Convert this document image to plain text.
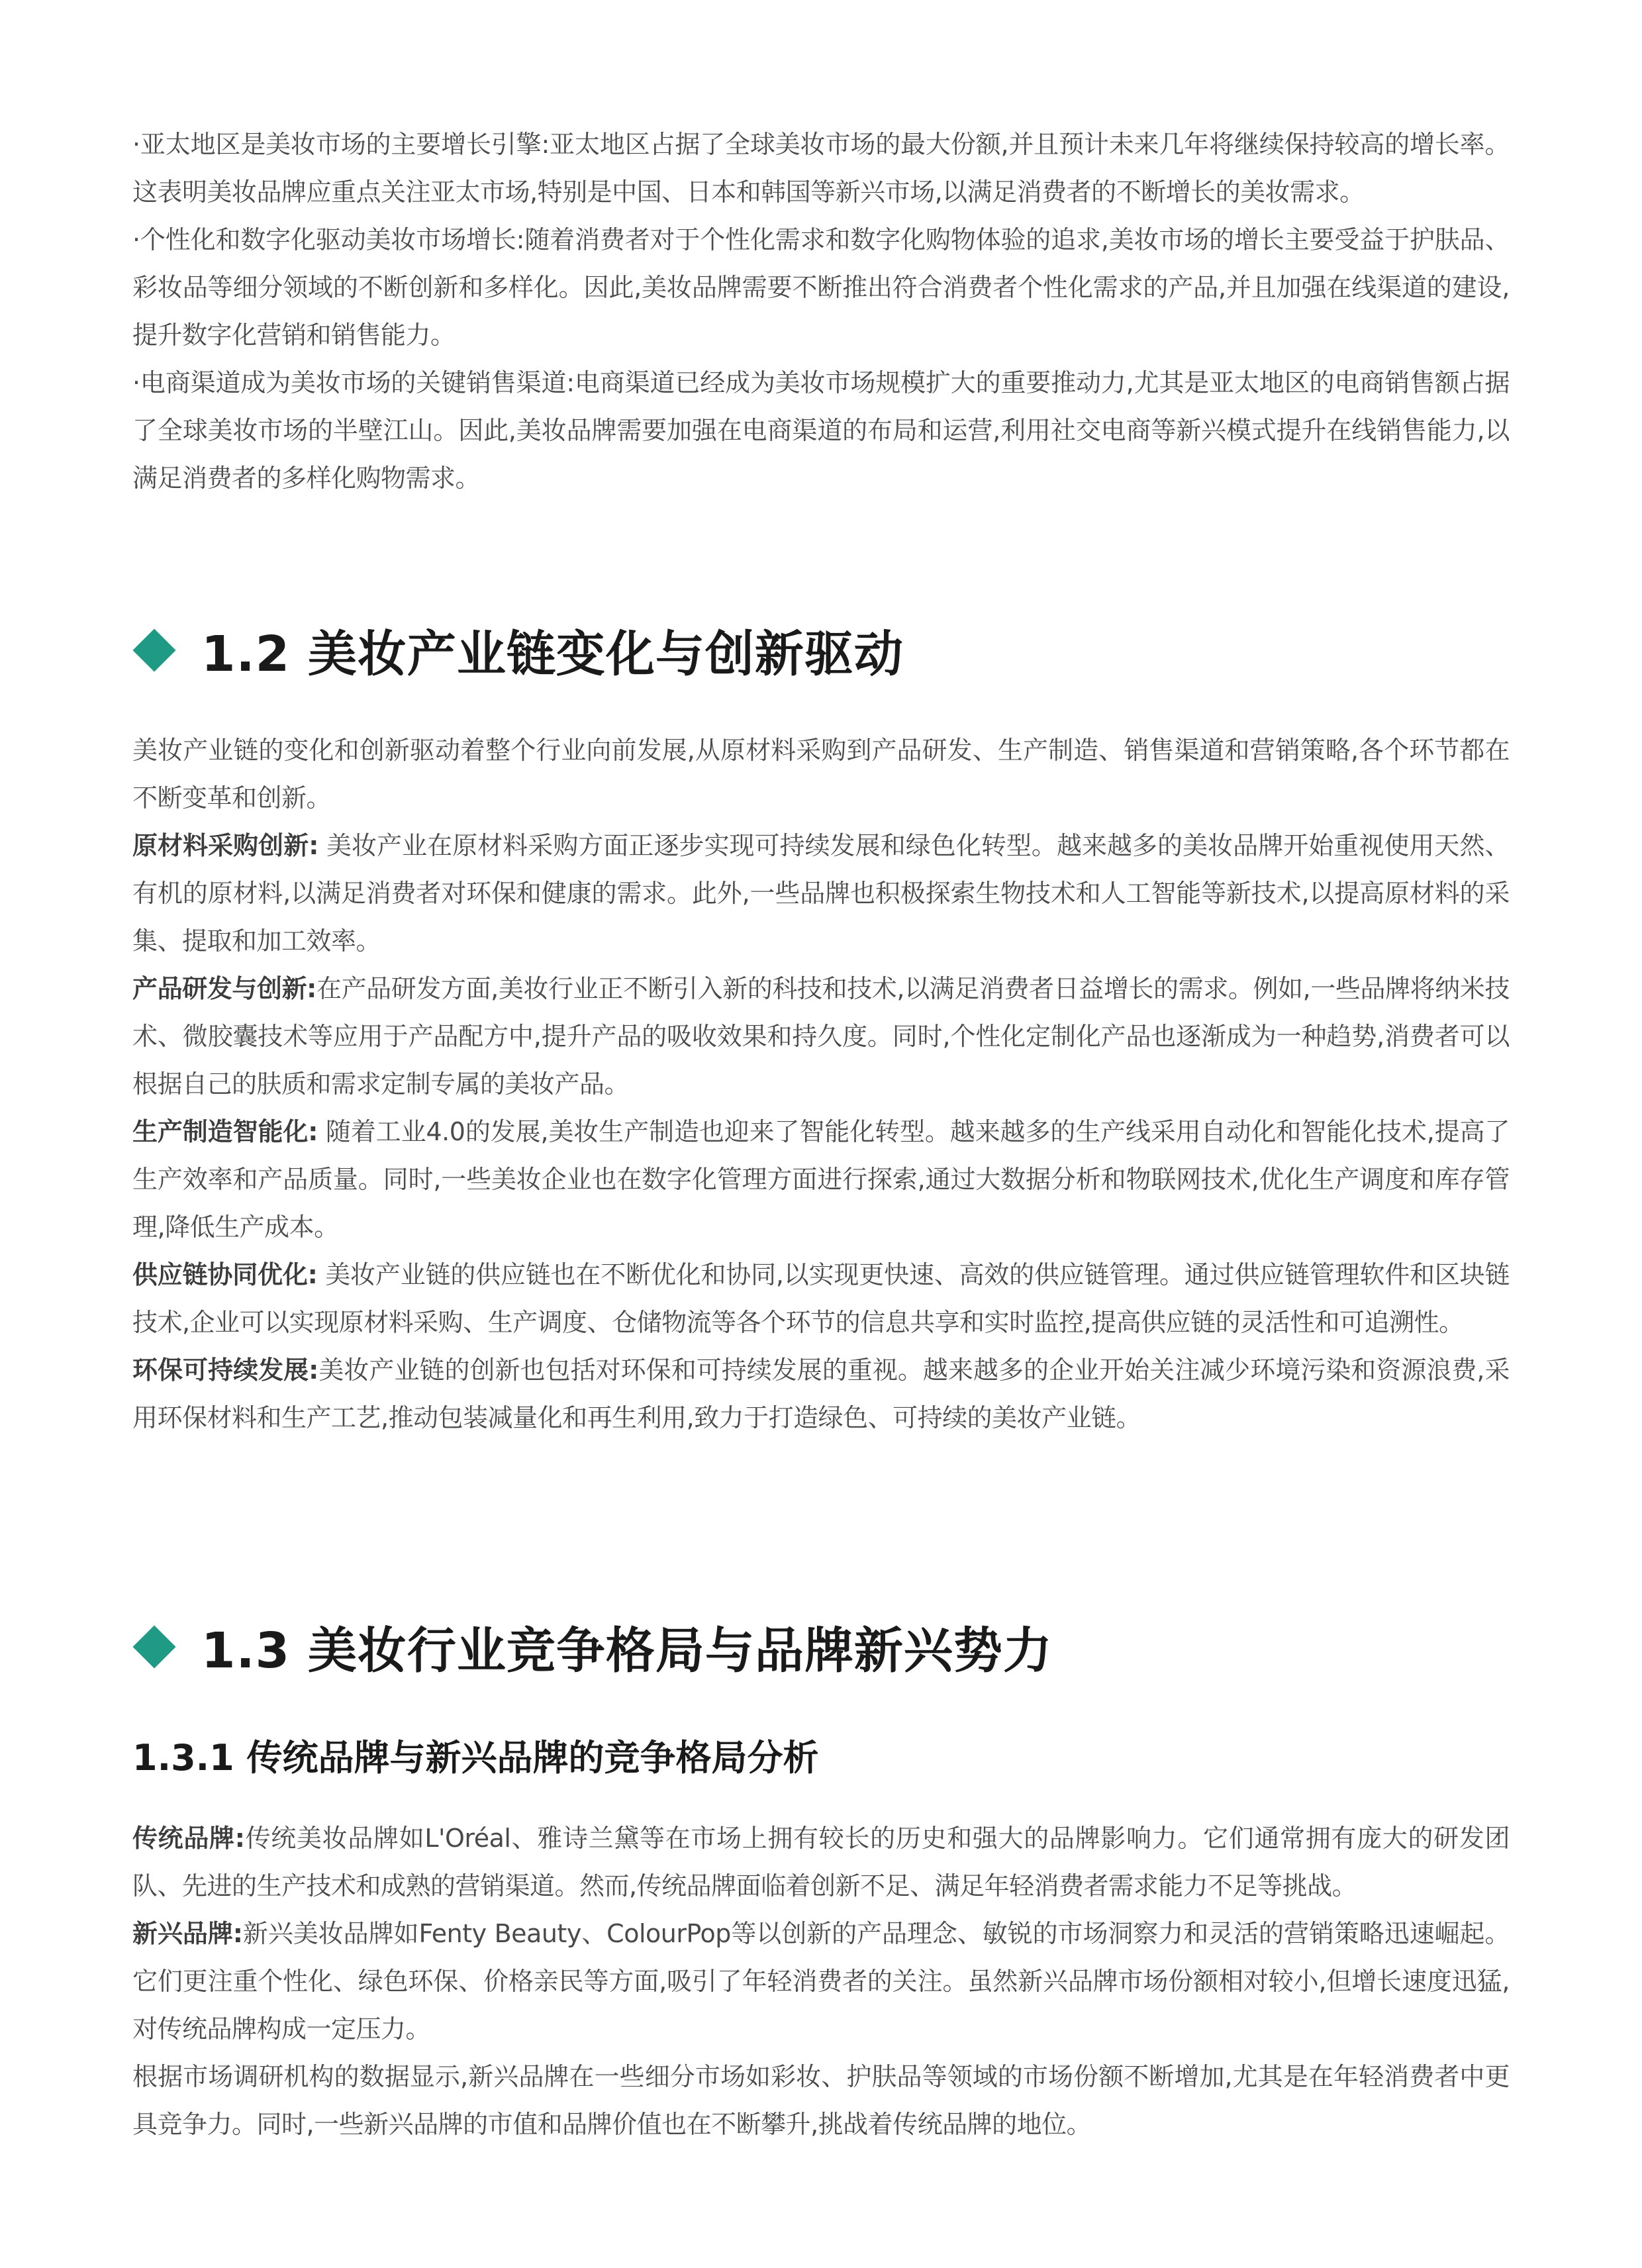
·亚太地区是美妆市场的主要增长引擎:亚太地区占据了全球美妆市场的最大份额,并且预计未来几年将继续保持较高的增长率。这表明美妆品牌应重点关注亚太市场,特别是中国、日本和韩国等新兴市场,以满足消费者的不断增长的美妆需求。

·个性化和数字化驱动美妆市场增长:随着消费者对于个性化需求和数字化购物体验的追求,美妆市场的增长主要受益于护肤品、彩妆品等细分领域的不断创新和多样化。因此,美妆品牌需要不断推出符合消费者个性化需求的产品,并且加强在线渠道的建设,提升数字化营销和销售能力。

·电商渠道成为美妆市场的关键销售渠道:电商渠道已经成为美妆市场规模扩大的重要推动力,尤其是亚太地区的电商销售额占据了全球美妆市场的半壁江山。因此,美妆品牌需要加强在电商渠道的布局和运营,利用社交电商等新兴模式提升在线销售能力,以满足消费者的多样化购物需求。

1.2 美妆产业链变化与创新驱动

美妆产业链的变化和创新驱动着整个行业向前发展,从原材料采购到产品研发、生产制造、销售渠道和营销策略,各个环节都在不断变革和创新。

原材料采购创新: 美妆产业在原材料采购方面正逐步实现可持续发展和绿色化转型。越来越多的美妆品牌开始重视使用天然、有机的原材料,以满足消费者对环保和健康的需求。此外,一些品牌也积极探索生物技术和人工智能等新技术,以提高原材料的采集、提取和加工效率。

产品研发与创新:在产品研发方面,美妆行业正不断引入新的科技和技术,以满足消费者日益增长的需求。例如,一些品牌将纳米技术、微胶囊技术等应用于产品配方中,提升产品的吸收效果和持久度。同时,个性化定制化产品也逐渐成为一种趋势,消费者可以根据自己的肤质和需求定制专属的美妆产品。

生产制造智能化: 随着工业4.0的发展,美妆生产制造也迎来了智能化转型。越来越多的生产线采用自动化和智能化技术,提高了生产效率和产品质量。同时,一些美妆企业也在数字化管理方面进行探索,通过大数据分析和物联网技术,优化生产调度和库存管理,降低生产成本。

供应链协同优化: 美妆产业链的供应链也在不断优化和协同,以实现更快速、高效的供应链管理。通过供应链管理软件和区块链技术,企业可以实现原材料采购、生产调度、仓储物流等各个环节的信息共享和实时监控,提高供应链的灵活性和可追溯性。

环保可持续发展:美妆产业链的创新也包括对环保和可持续发展的重视。越来越多的企业开始关注减少环境污染和资源浪费,采用环保材料和生产工艺,推动包装减量化和再生利用,致力于打造绿色、可持续的美妆产业链。

1.3 美妆行业竞争格局与品牌新兴势力
1.3.1 传统品牌与新兴品牌的竞争格局分析

传统品牌:传统美妆品牌如L'Oréal、雅诗兰黛等在市场上拥有较长的历史和强大的品牌影响力。它们通常拥有庞大的研发团队、先进的生产技术和成熟的营销渠道。然而,传统品牌面临着创新不足、满足年轻消费者需求能力不足等挑战。

新兴品牌:新兴美妆品牌如Fenty Beauty、ColourPop等以创新的产品理念、敏锐的市场洞察力和灵活的营销策略迅速崛起。它们更注重个性化、绿色环保、价格亲民等方面,吸引了年轻消费者的关注。虽然新兴品牌市场份额相对较小,但增长速度迅猛,对传统品牌构成一定压力。

根据市场调研机构的数据显示,新兴品牌在一些细分市场如彩妆、护肤品等领域的市场份额不断增加,尤其是在年轻消费者中更具竞争力。同时,一些新兴品牌的市值和品牌价值也在不断攀升,挑战着传统品牌的地位。
